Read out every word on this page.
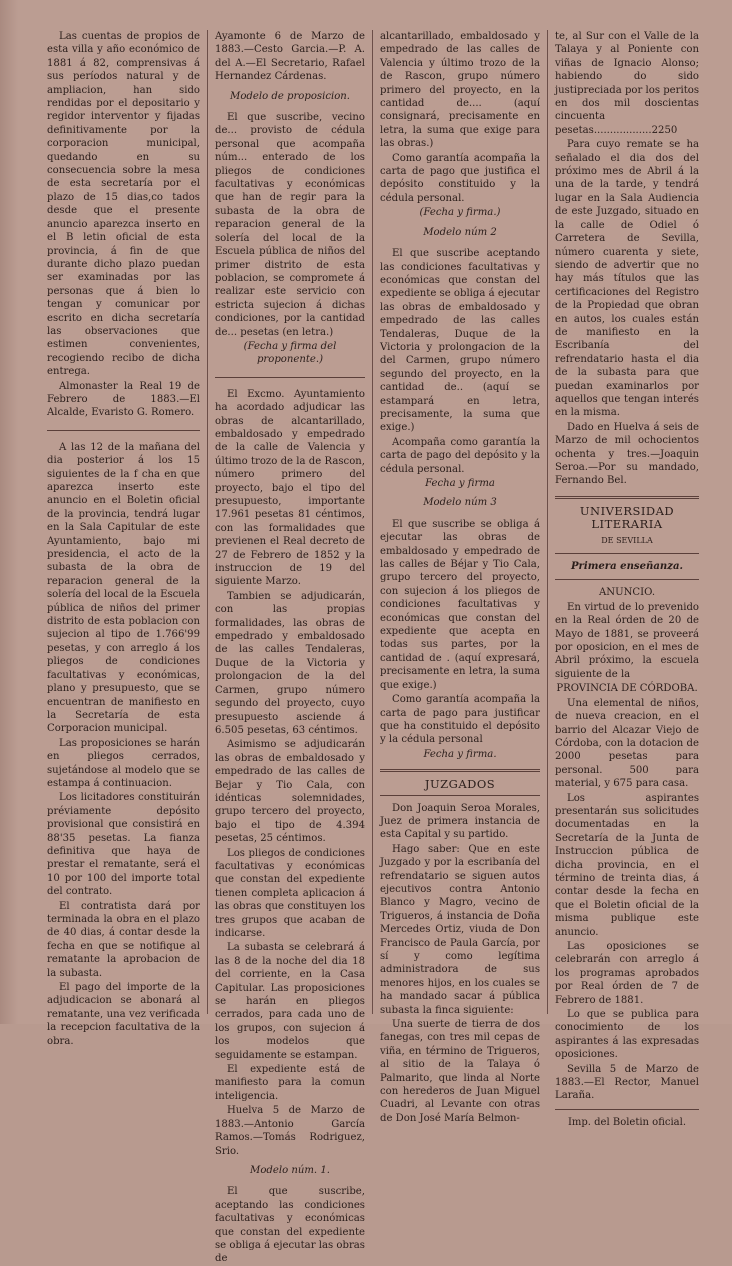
Las cuentas de propios de esta villa y año económico de 1881 á 82, comprensivas á sus períodos natural y de ampliacion, han sido rendidas por el depositario y regidor interventor y fijadas definitivamente por la corporacion municipal, quedando en su consecuencia sobre la mesa de esta secretaría por el plazo de 15 dias,co tados desde que el presente anuncio aparezca inserto en el B letin oficial de esta provincia, á fin de que durante dicho plazo puedan ser examinadas por las personas que á bien lo tengan y comunicar por escrito en dicha secretaría las observaciones que estimen convenientes, recogiendo recibo de dicha entrega.

Almonaster la Real 19 de Febrero de 1883.—El Alcalde, Evaristo G. Romero.

A las 12 de la mañana del dia posterior á los 15 siguientes de la f cha en que aparezca inserto este anuncio en el Boletin oficial de la provincia, tendrá lugar en la Sala Capitular de este Ayuntamiento, bajo mi presidencia, el acto de la subasta de la obra de reparacion general de la solería del local de la Escuela pública de niños del primer distrito de esta poblacion con sujecion al tipo de 1.766'99 pesetas, y con arreglo á los pliegos de condiciones facultativas y económicas, plano y presupuesto, que se encuentran de manifiesto en la Secretaría de esta Corporacion municipal.

Las proposiciones se harán en pliegos cerrados, sujetándose al modelo que se estampa á continuacion.

Los licitadores constituirán préviamente depósito provisional que consistirá en 88'35 pesetas. La fianza definitiva que haya de prestar el rematante, será el 10 por 100 del importe total del contrato.

El contratista dará por terminada la obra en el plazo de 40 dias, á contar desde la fecha en que se notifique al rematante la aprobacion de la subasta.

El pago del importe de la adjudicacion se abonará al rematante, una vez verificada la recepcion facultativa de la obra.

Ayamonte 6 de Marzo de 1883.—Cesto Garcia.—P. A. del A.—El Secretario, Rafael Hernandez Cárdenas.

Modelo de proposicion.

El que suscribe, vecino de... provisto de cédula personal que acompaña núm... enterado de los pliegos de condiciones facultativas y económicas que han de regir para la subasta de la obra de reparacion general de la solería del local de la Escuela pública de niños del primer distrito de esta poblacion, se compromete á realizar este servicio con estricta sujecion á dichas condiciones, por la cantidad de... pesetas (en letra.)

(Fecha y firma del proponente.)

El Excmo. Ayuntamiento ha acordado adjudicar las obras de alcantarillado, embaldosado y empedrado de la calle de Valencia y último trozo de la de Rascon, número primero del proyecto, bajo el tipo del presupuesto, importante 17.961 pesetas 81 céntimos, con las formalidades que previenen el Real decreto de 27 de Febrero de 1852 y la instruccion de 19 del siguiente Marzo.

Tambien se adjudicarán, con las propias formalidades, las obras de empedrado y embaldosado de las calles Tendaleras, Duque de la Victoria y prolongacion de la del Carmen, grupo número segundo del proyecto, cuyo presupuesto asciende á 6.505 pesetas, 63 céntimos.

Asimismo se adjudicarán las obras de embaldosado y empedrado de las calles de Bejar y Tio Cala, con idénticas solemnidades, grupo tercero del proyecto, bajo el tipo de 4.394 pesetas, 25 céntimos.

Los pliegos de condiciones facultativas y económicas que constan del expediente tienen completa aplicacion á las obras que constituyen los tres grupos que acaban de indicarse.

La subasta se celebrará á las 8 de la noche del dia 18 del corriente, en la Casa Capitular. Las proposiciones se harán en pliegos cerrados, para cada uno de los grupos, con sujecion á los modelos que seguidamente se estampan.

El expediente está de manifiesto para la comun inteligencia.

Huelva 5 de Marzo de 1883.—Antonio García Ramos.—Tomás Rodriguez, Srio.

Modelo núm. 1.

El que suscribe, aceptando las condiciones facultativas y económicas que constan del expediente se obliga á ejecutar las obras de

alcantarillado, embaldosado y empedrado de las calles de Valencia y último trozo de la de Rascon, grupo número primero del proyecto, en la cantidad de.... (aquí consignará, precisamente en letra, la suma que exige para las obras.)

Como garantía acompaña la carta de pago que justifica el depósito constituido y la cédula personal.

(Fecha y firma.)

Modelo núm 2

El que suscribe aceptando las condiciones facultativas y económicas que constan del expediente se obliga á ejecutar las obras de embaldosado y empedrado de las calles Tendaleras, Duque de la Victoria y prolongacion de la del Carmen, grupo número segundo del proyecto, en la cantidad de.. (aquí se estampará en letra, precisamente, la suma que exige.)

Acompaña como garantía la carta de pago del depósito y la cédula personal.

Fecha y firma

Modelo núm 3

El que suscribe se obliga á ejecutar las obras de embaldosado y empedrado de las calles de Béjar y Tio Cala, grupo tercero del proyecto, con sujecion á los pliegos de condiciones facultativas y económicas que constan del expediente que acepta en todas sus partes, por la cantidad de . (aquí expresará, precisamente en letra, la suma que exige.)

Como garantía acompaña la carta de pago para justificar que ha constituido el depósito y la cédula personal

Fecha y firma.

JUZGADOS

Don Joaquin Seroa Morales, Juez de primera instancia de esta Capital y su partido.

Hago saber: Que en este Juzgado y por la escribanía del refrendatario se siguen autos ejecutivos contra Antonio Blanco y Magro, vecino de Trigueros, á instancia de Doña Mercedes Ortiz, viuda de Don Francisco de Paula García, por sí y como legítima administradora de sus menores hijos, en los cuales se ha mandado sacar á pública subasta la finca siguiente:

Una suerte de tierra de dos fanegas, con tres mil cepas de viña, en término de Trigueros, al sitio de la Talaya ó Palmarito, que linda al Norte con herederos de Juan Miguel Cuadri, al Levante con otras de Don José María Belmon-

te, al Sur con el Valle de la Talaya y al Poniente con viñas de Ignacio Alonso; habiendo do sido justipreciada por los peritos en dos mil doscientas cincuenta pesetas..................2250

Para cuyo remate se ha señalado el dia dos del próximo mes de Abril á la una de la tarde, y tendrá lugar en la Sala Audiencia de este Juzgado, situado en la calle de Odiel ó Carretera de Sevilla, número cuarenta y siete, siendo de advertir que no hay más títulos que las certificaciones del Registro de la Propiedad que obran en autos, los cuales están de manifiesto en la Escribanía del refrendatario hasta el dia de la subasta para que puedan examinarlos por aquellos que tengan interés en la misma.

Dado en Huelva á seis de Marzo de mil ochocientos ochenta y tres.—Joaquin Seroa.—Por su mandado, Fernando Bel.

UNIVERSIDAD LITERARIA

DE SEVILLA

Primera enseñanza.

ANUNCIO.

En virtud de lo prevenido en la Real órden de 20 de Mayo de 1881, se proveerá por oposicion, en el mes de Abril próximo, la escuela siguiente de la

PROVINCIA DE CÓRDOBA.

Una elemental de niños, de nueva creacion, en el barrio del Alcazar Viejo de Córdoba, con la dotacion de 2000 pesetas para personal. 500 para material, y 675 para casa.

Los aspirantes presentarán sus solicitudes documentadas en la Secretaría de la Junta de Instruccion pública de dicha provincia, en el término de treinta dias, á contar desde la fecha en que el Boletin oficial de la misma publique este anuncio.

Las oposiciones se celebrarán con arreglo á los programas aprobados por Real órden de 7 de Febrero de 1881.

Lo que se publica para conocimiento de los aspirantes á las expresadas oposiciones.

Sevilla 5 de Marzo de 1883.—El Rector, Manuel Laraña.

Imp. del Boletin oficial.
